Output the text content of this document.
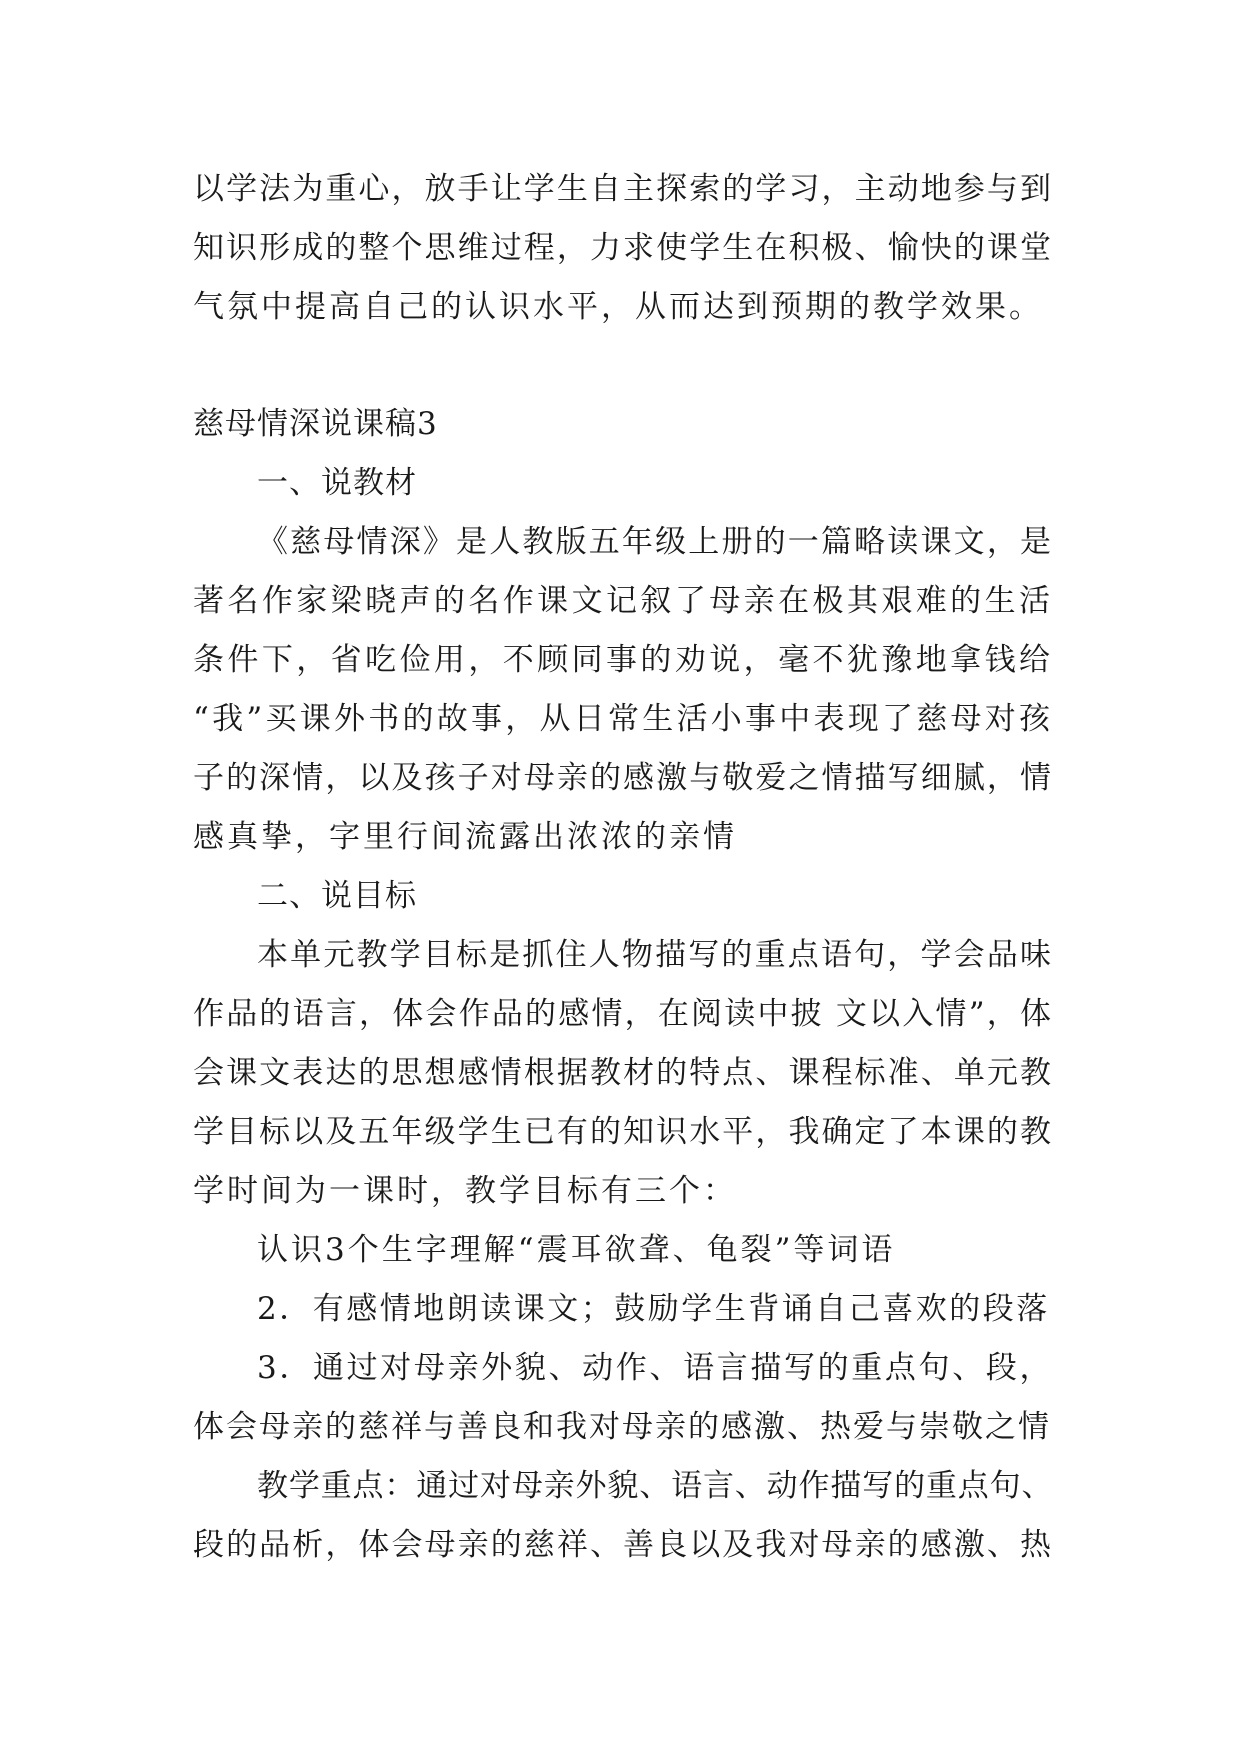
以学法为重心，放手让学生自主探索的学习，主动地参与到
知识形成的整个思维过程，力求使学生在积极、愉快的课堂
气氛中提高自己的认识水平，从而达到预期的教学效果。
慈母情深说课稿3
一、说教材
《慈母情深》是人教版五年级上册的一篇略读课文，是
著名作家梁晓声的名作课文记叙了母亲在极其艰难的生活
条件下，省吃俭用，不顾同事的劝说，毫不犹豫地拿钱给
“我”买课外书的故事，从日常生活小事中表现了慈母对孩
子的深情，以及孩子对母亲的感激与敬爱之情描写细腻，情
感真挚，字里行间流露出浓浓的亲情
二、说目标
本单元教学目标是抓住人物描写的重点语句，学会品味
作品的语言，体会作品的感情，在阅读中披 文以入情”，体
会课文表达的思想感情根据教材的特点、课程标准、单元教
学目标以及五年级学生已有的知识水平，我确定了本课的教
学时间为一课时，教学目标有三个：
认识3个生字理解“震耳欲聋、龟裂”等词语
2．有感情地朗读课文；鼓励学生背诵自己喜欢的段落
3．通过对母亲外貌、动作、语言描写的重点句、段，
体会母亲的慈祥与善良和我对母亲的感激、热爱与崇敬之情
教学重点：通过对母亲外貌、语言、动作描写的重点句、
段的品析，体会母亲的慈祥、善良以及我对母亲的感激、热
